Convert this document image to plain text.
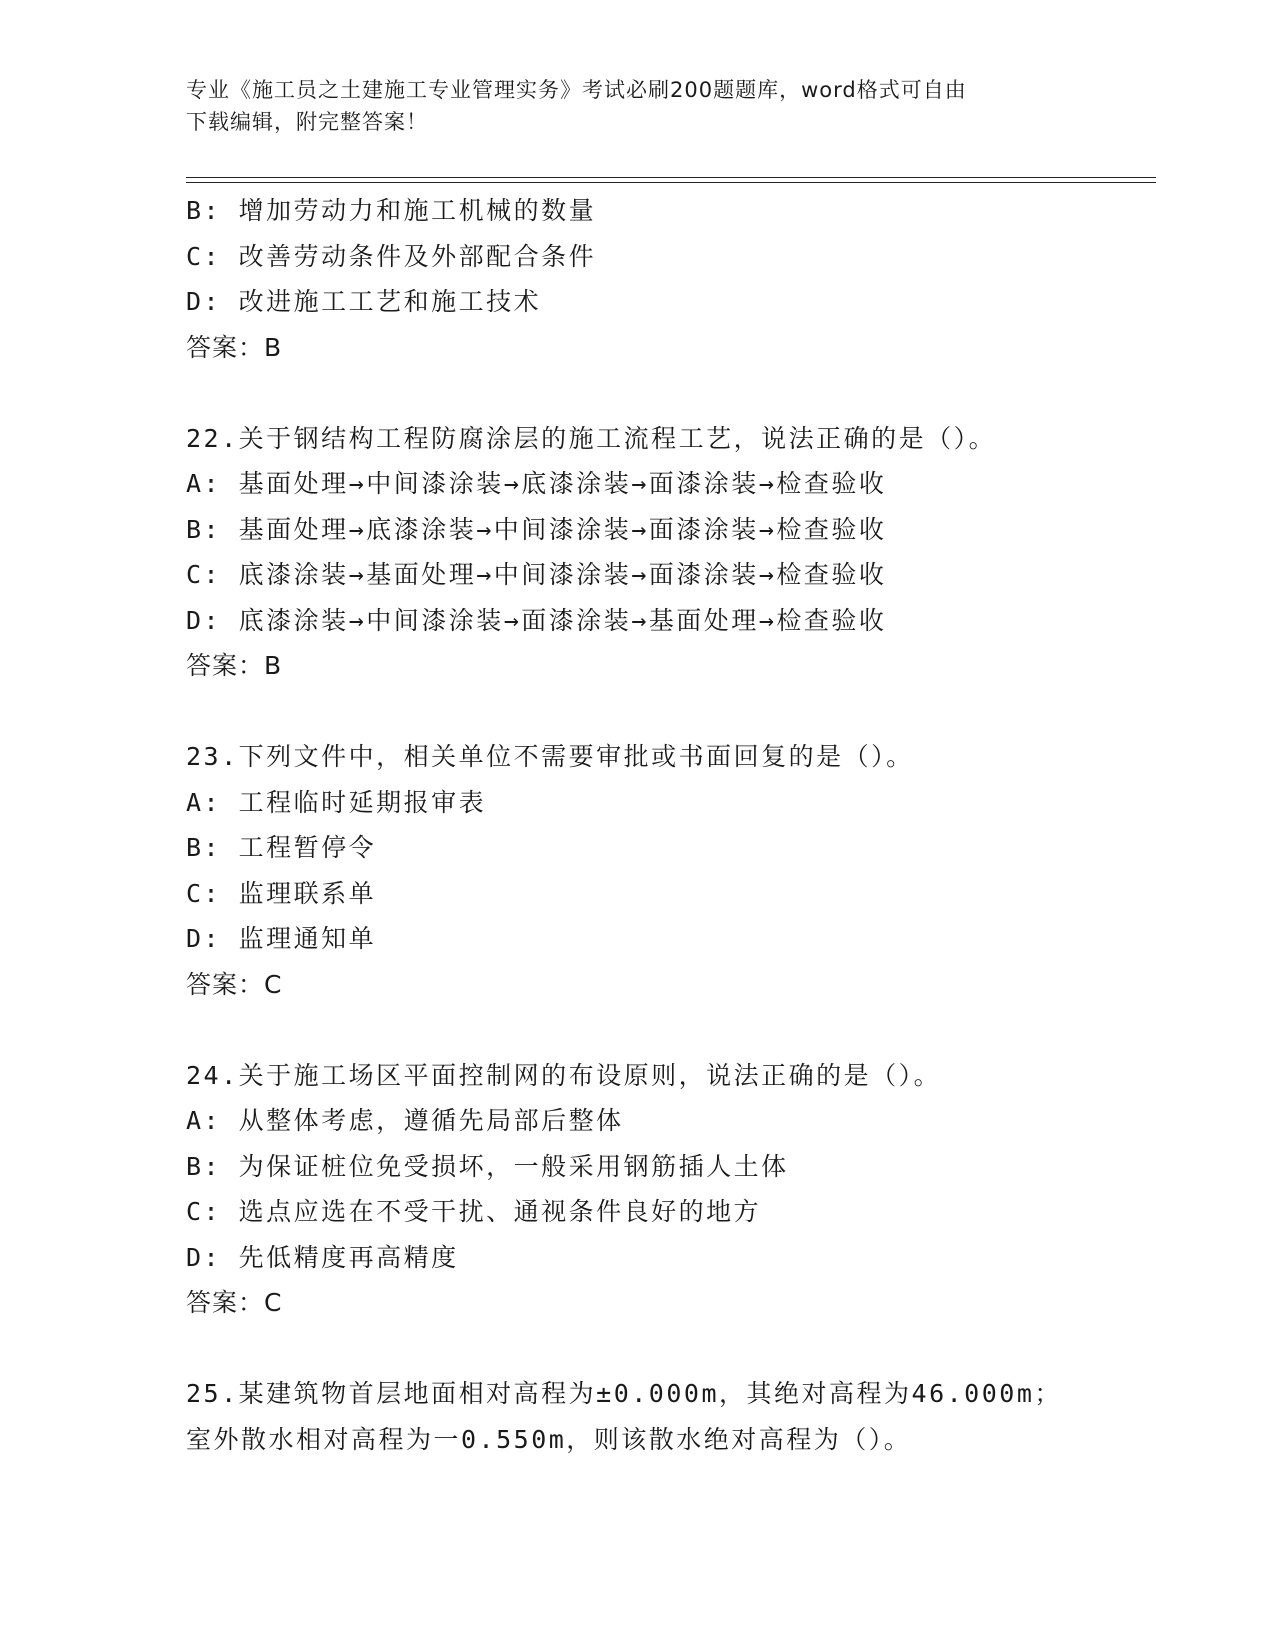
专业《施工员之土建施工专业管理实务》考试必刷200题题库，word格式可自由
下载编辑，附完整答案！
B: 增加劳动力和施工机械的数量
C: 改善劳动条件及外部配合条件
D: 改进施工工艺和施工技术
答案：B
22.关于钢结构工程防腐涂层的施工流程工艺，说法正确的是（）。
A: 基面处理→中间漆涂装→底漆涂装→面漆涂装→检查验收
B: 基面处理→底漆涂装→中间漆涂装→面漆涂装→检查验收
C: 底漆涂装→基面处理→中间漆涂装→面漆涂装→检查验收
D: 底漆涂装→中间漆涂装→面漆涂装→基面处理→检查验收
答案：B
23.下列文件中，相关单位不需要审批或书面回复的是（）。
A: 工程临时延期报审表
B: 工程暂停令
C: 监理联系单
D: 监理通知单
答案：C
24.关于施工场区平面控制网的布设原则，说法正确的是（）。
A: 从整体考虑，遵循先局部后整体
B: 为保证桩位免受损坏，一般采用钢筋插人土体
C: 选点应选在不受干扰、通视条件良好的地方
D: 先低精度再高精度
答案：C
25.某建筑物首层地面相对高程为±0.000m，其绝对高程为46.000m；
室外散水相对高程为一0.550m，则该散水绝对高程为（）。
